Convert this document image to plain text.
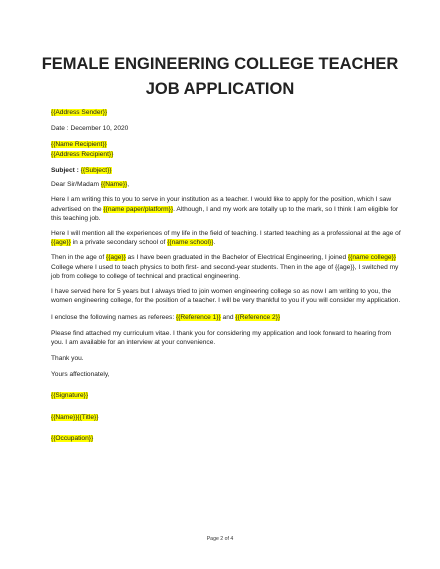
FEMALE ENGINEERING COLLEGE TEACHER
JOB APPLICATION

{{Address Sender}}

Date : December 10, 2020

{{Name Recipient}}

{{Address Recipient}}

Subject : {{Subject}}

Dear Sir/Madam {{Name}},

Here I am writing this to you to serve in your institution as a teacher. I would like to apply for the position, which I saw advertised on the {{name paper/platform}}. Although, I and my work are totally up to the mark, so I think I am eligible for this teaching job.

Here I will mention all the experiences of my life in the field of teaching. I started teaching as a professional at the age of {{age}} in a private secondary school of {{name school}}.

Then in the age of {{age}} as I have been graduated in the Bachelor of Electrical Engineering, I joined {{name college}} College where I used to teach physics to both first- and second-year students. Then in the age of {{age}}, I switched my job from college to college of technical and practical engineering.

I have served here for 5 years but I always tried to join women engineering college so as now I am writing to you, the women engineering college, for the position of a teacher. I will be very thankful to you if you will consider my application.

I enclose the following names as referees: {{Reference 1}} and {{Reference 2}}

Please find attached my curriculum vitae. I thank you for considering my application and look forward to hearing from you. I am available for an interview at your convenience.

Thank you.

Yours affectionately,

{{Signature}}

{{Name}}{{Title}}

{{Occupation}}

Page 2 of 4
